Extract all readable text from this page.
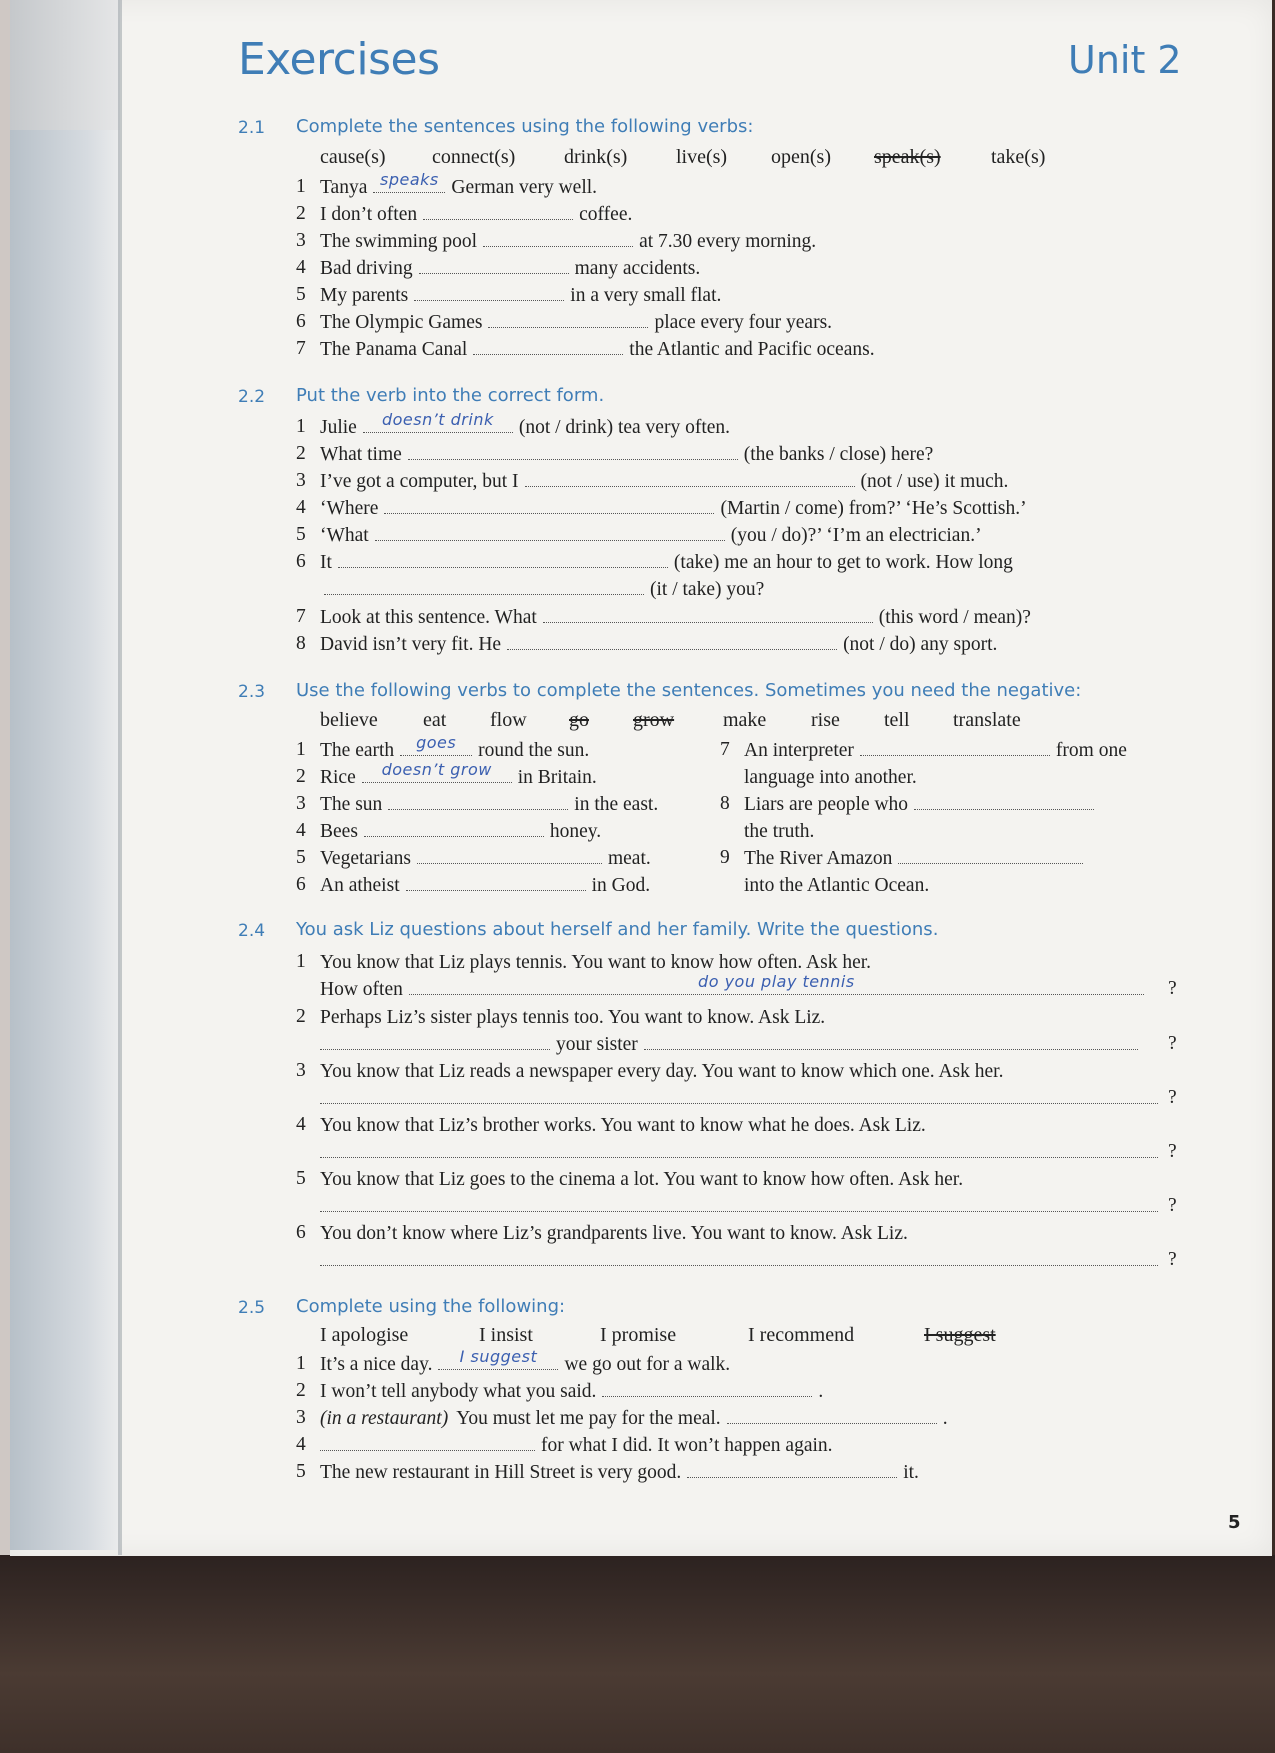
Exercises	Unit 2
2.1 Complete the sentences using the following verbs:
cause(s) connect(s) drink(s) live(s) open(s) speak(s)	take(s)
1 Tanya speaks German very well.
2 I don’t often	coffee.
3 The swimming pool	at 7.30 every morning.
4 Bad driving	many accidents.
5 My parents	in a very small flat.
6 The Olympic Games	place every four years.
7 The Panama Canal	the Atlantic and Pacific oceans.
2.2 Put the verb into the correct form.
1 Julie	doesn’t drink	(not / drink) tea very often.
2 What time	(the banks / close) here?
3 I’ve got a computer, but I	(not / use) it much.
4 ‘Where	(Martin / come) from?’ ‘He’s Scottish.’
5 ‘What	(you / do)?’ ‘I’m an electrician.’
6 It	(take) me an hour to get to work. How long
(it / take) you?
7 Look at this sentence. What	(this word / mean)?
8 David isn’t very fit. He	(not / do) any sport.
2.3 Use the following verbs to complete the sentences. Sometimes you need the negative:
believe eat flow go grow make rise tell translate
1 The earth	goes	round the sun.
2 Rice	doesn’t grow	in Britain.
3 The sun	in the east.
4 Bees	honey.
5 Vegetarians	meat.
6 An atheist	in God.
7 An interpreter	from one
language into another.
8 Liars are people who
the truth.
9 The River Amazon
into the Atlantic Ocean.
2.4 You ask Liz questions about herself and her family. Write the questions.
1 You know that Liz plays tennis. You want to know how often. Ask her.
How often	do you play tennis	?
2 Perhaps Liz’s sister plays tennis too. You want to know. Ask Liz.
your sister	?
3 You know that Liz reads a newspaper every day. You want to know which one. Ask her.
?
4 You know that Liz’s brother works. You want to know what he does. Ask Liz.
?
5 You know that Liz goes to the cinema a lot. You want to know how often. Ask her.
?
6 You don’t know where Liz’s grandparents live. You want to know. Ask Liz.
?
2.5 Complete using the following:
I apologise	I insist	I promise	I recommend	I suggest
1 It’s a nice day.	I suggest	we go out for a walk.
2 I won’t tell anybody what you said.	.
3 (in a restaurant) You must let me pay for the meal.	.
4	for what I did. It won’t happen again.
5 The new restaurant in Hill Street is very good.	it.
5
